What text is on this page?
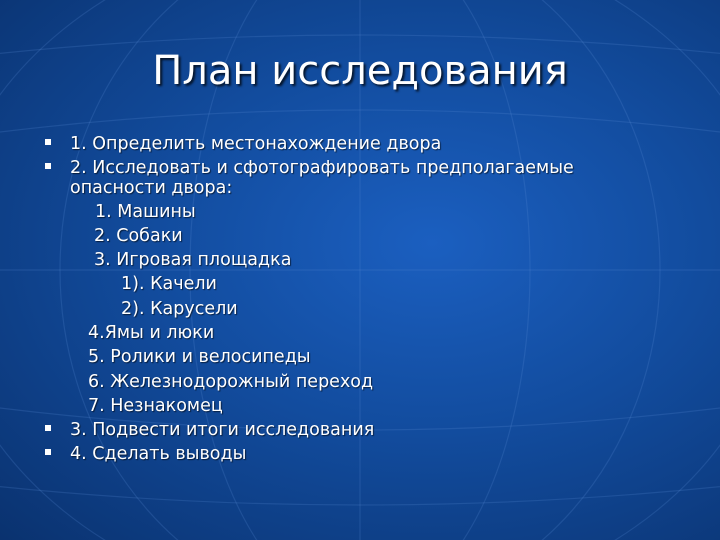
План исследования
1. Определить местонахождение двора
2. Исследовать и сфотографировать предполагаемые
опасности двора:
1. Машины
2. Собаки
3. Игровая площадка
1). Качели
2). Карусели
4.Ямы и люки
5. Ролики и велосипеды
6. Железнодорожный переход
7. Незнакомец
3. Подвести итоги исследования
4. Сделать выводы
